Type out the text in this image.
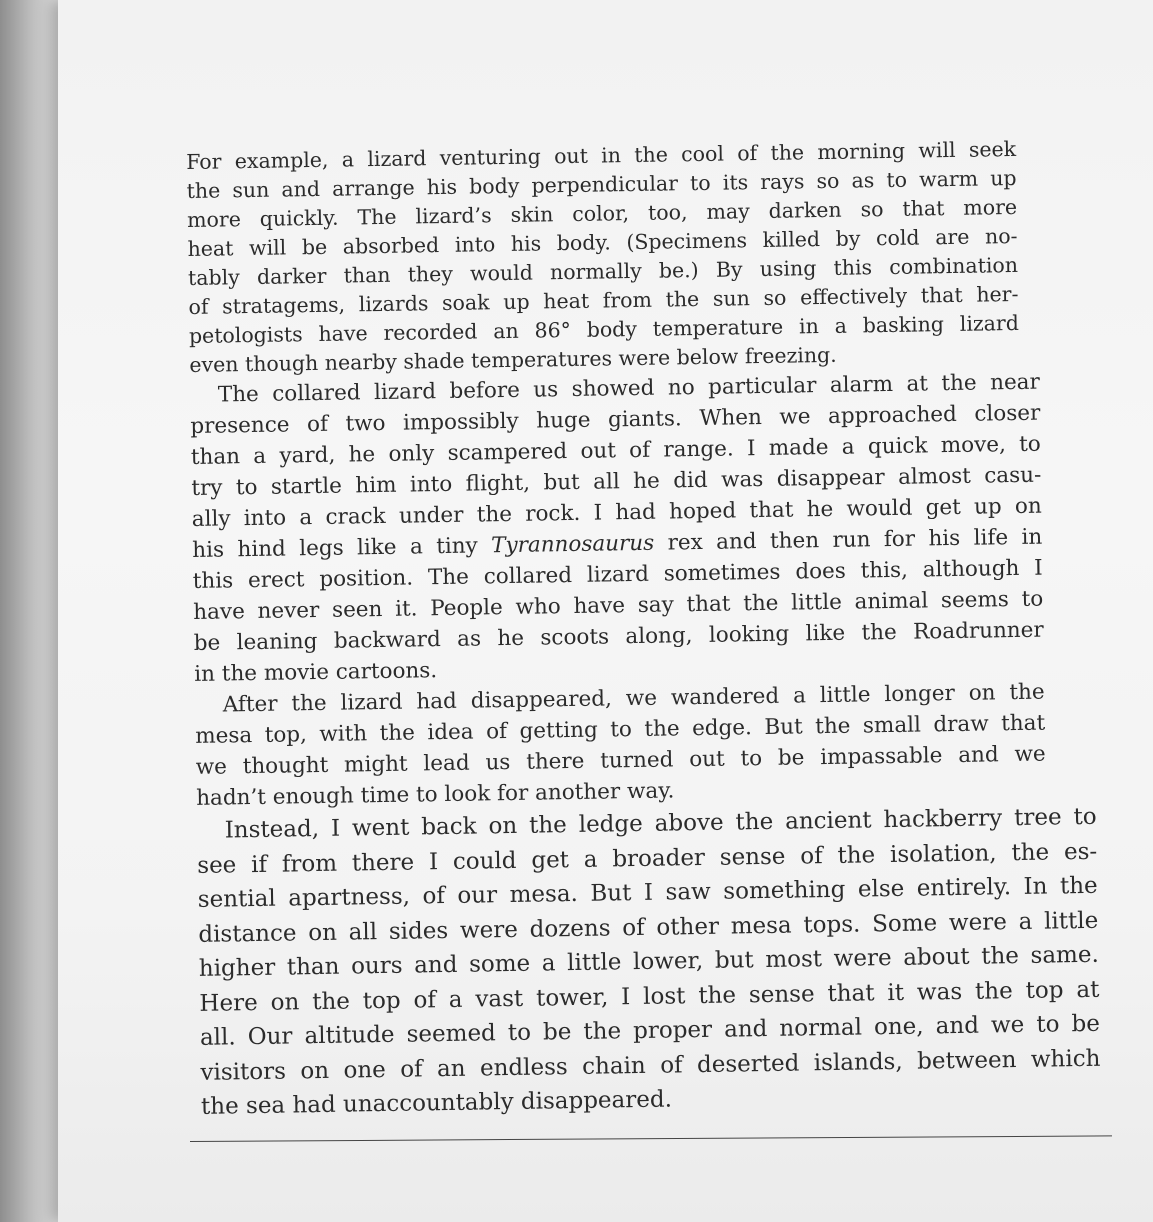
For example, a lizard venturing out in the cool of the morning will seek
the sun and arrange his body perpendicular to its rays so as to warm up
more quickly. The lizard’s skin color, too, may darken so that more
heat will be absorbed into his body. (Specimens killed by cold are no-
tably darker than they would normally be.) By using this combination
of stratagems, lizards soak up heat from the sun so effectively that her-
petologists have recorded an 86° body temperature in a basking lizard
even though nearby shade temperatures were below freezing.
The collared lizard before us showed no particular alarm at the near
presence of two impossibly huge giants. When we approached closer
than a yard, he only scampered out of range. I made a quick move, to
try to startle him into flight, but all he did was disappear almost casu-
ally into a crack under the rock. I had hoped that he would get up on
his hind legs like a tiny Tyrannosaurus rex and then run for his life in
this erect position. The collared lizard sometimes does this, although I
have never seen it. People who have say that the little animal seems to
be leaning backward as he scoots along, looking like the Roadrunner
in the movie cartoons.
After the lizard had disappeared, we wandered a little longer on the
mesa top, with the idea of getting to the edge. But the small draw that
we thought might lead us there turned out to be impassable and we
hadn’t enough time to look for another way.
Instead, I went back on the ledge above the ancient hackberry tree to
see if from there I could get a broader sense of the isolation, the es-
sential apartness, of our mesa. But I saw something else entirely. In the
distance on all sides were dozens of other mesa tops. Some were a little
higher than ours and some a little lower, but most were about the same.
Here on the top of a vast tower, I lost the sense that it was the top at
all. Our altitude seemed to be the proper and normal one, and we to be
visitors on one of an endless chain of deserted islands, between which
the sea had unaccountably disappeared.
